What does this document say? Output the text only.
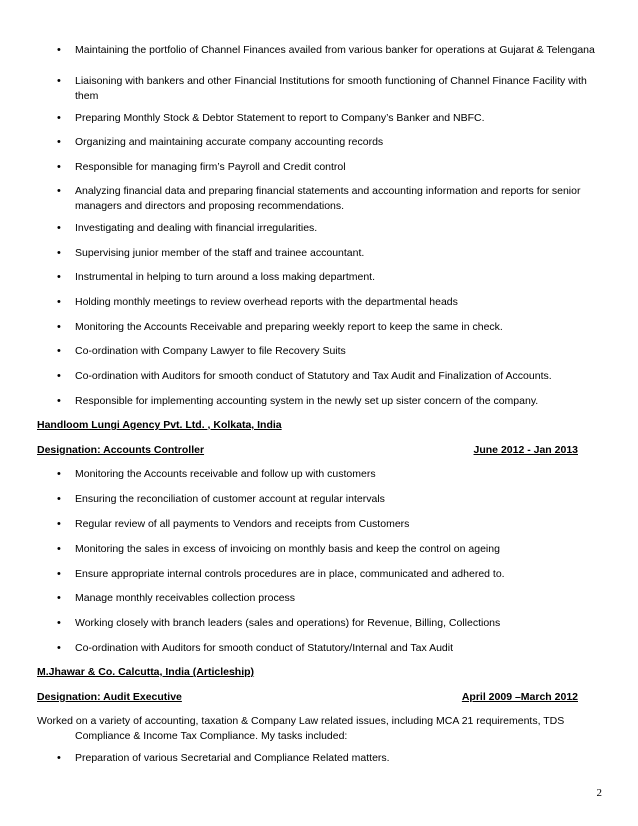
• Maintaining the portfolio of Channel Finances availed from various banker for operations at Gujarat & Telengana
• Liaisoning with bankers and other Financial Institutions for smooth functioning of Channel Finance Facility with them
• Preparing Monthly Stock & Debtor Statement to report to Company’s Banker and NBFC.
• Organizing and maintaining accurate company accounting records
• Responsible for managing firm’s Payroll and Credit control
• Analyzing financial data and preparing financial statements and accounting information and reports for senior managers and directors and proposing recommendations.
• Investigating and dealing with financial irregularities.
• Supervising junior member of the staff and trainee accountant.
• Instrumental in helping to turn around a loss making department.
• Holding monthly meetings to review overhead reports with the departmental heads
• Monitoring the Accounts Receivable and preparing weekly report to keep the same in check.
• Co-ordination with Company Lawyer to file Recovery Suits
• Co-ordination with Auditors for smooth conduct of Statutory and Tax Audit and Finalization of Accounts.
• Responsible for implementing accounting system in the newly set up sister concern of the company.
Handloom Lungi Agency Pvt. Ltd. , Kolkata, India
Designation: Accounts Controller	June 2012 - Jan 2013
• Monitoring the Accounts receivable and follow up with customers
• Ensuring the reconciliation of customer account at regular intervals
• Regular review of all payments to Vendors and receipts from Customers
• Monitoring the sales in excess of invoicing on monthly basis and keep the control on ageing
• Ensure appropriate internal controls procedures are in place, communicated and adhered to.
• Manage monthly receivables collection process
• Working closely with branch leaders (sales and operations) for Revenue, Billing, Collections
• Co-ordination with Auditors for smooth conduct of Statutory/Internal and Tax Audit
M.Jhawar & Co. Calcutta, India (Articleship)
Designation: Audit Executive	April 2009 –March 2012
Worked on a variety of accounting, taxation & Company Law related issues, including MCA 21 requirements, TDS
Compliance & Income Tax Compliance. My tasks included:
• Preparation of various Secretarial and Compliance Related matters.
2
